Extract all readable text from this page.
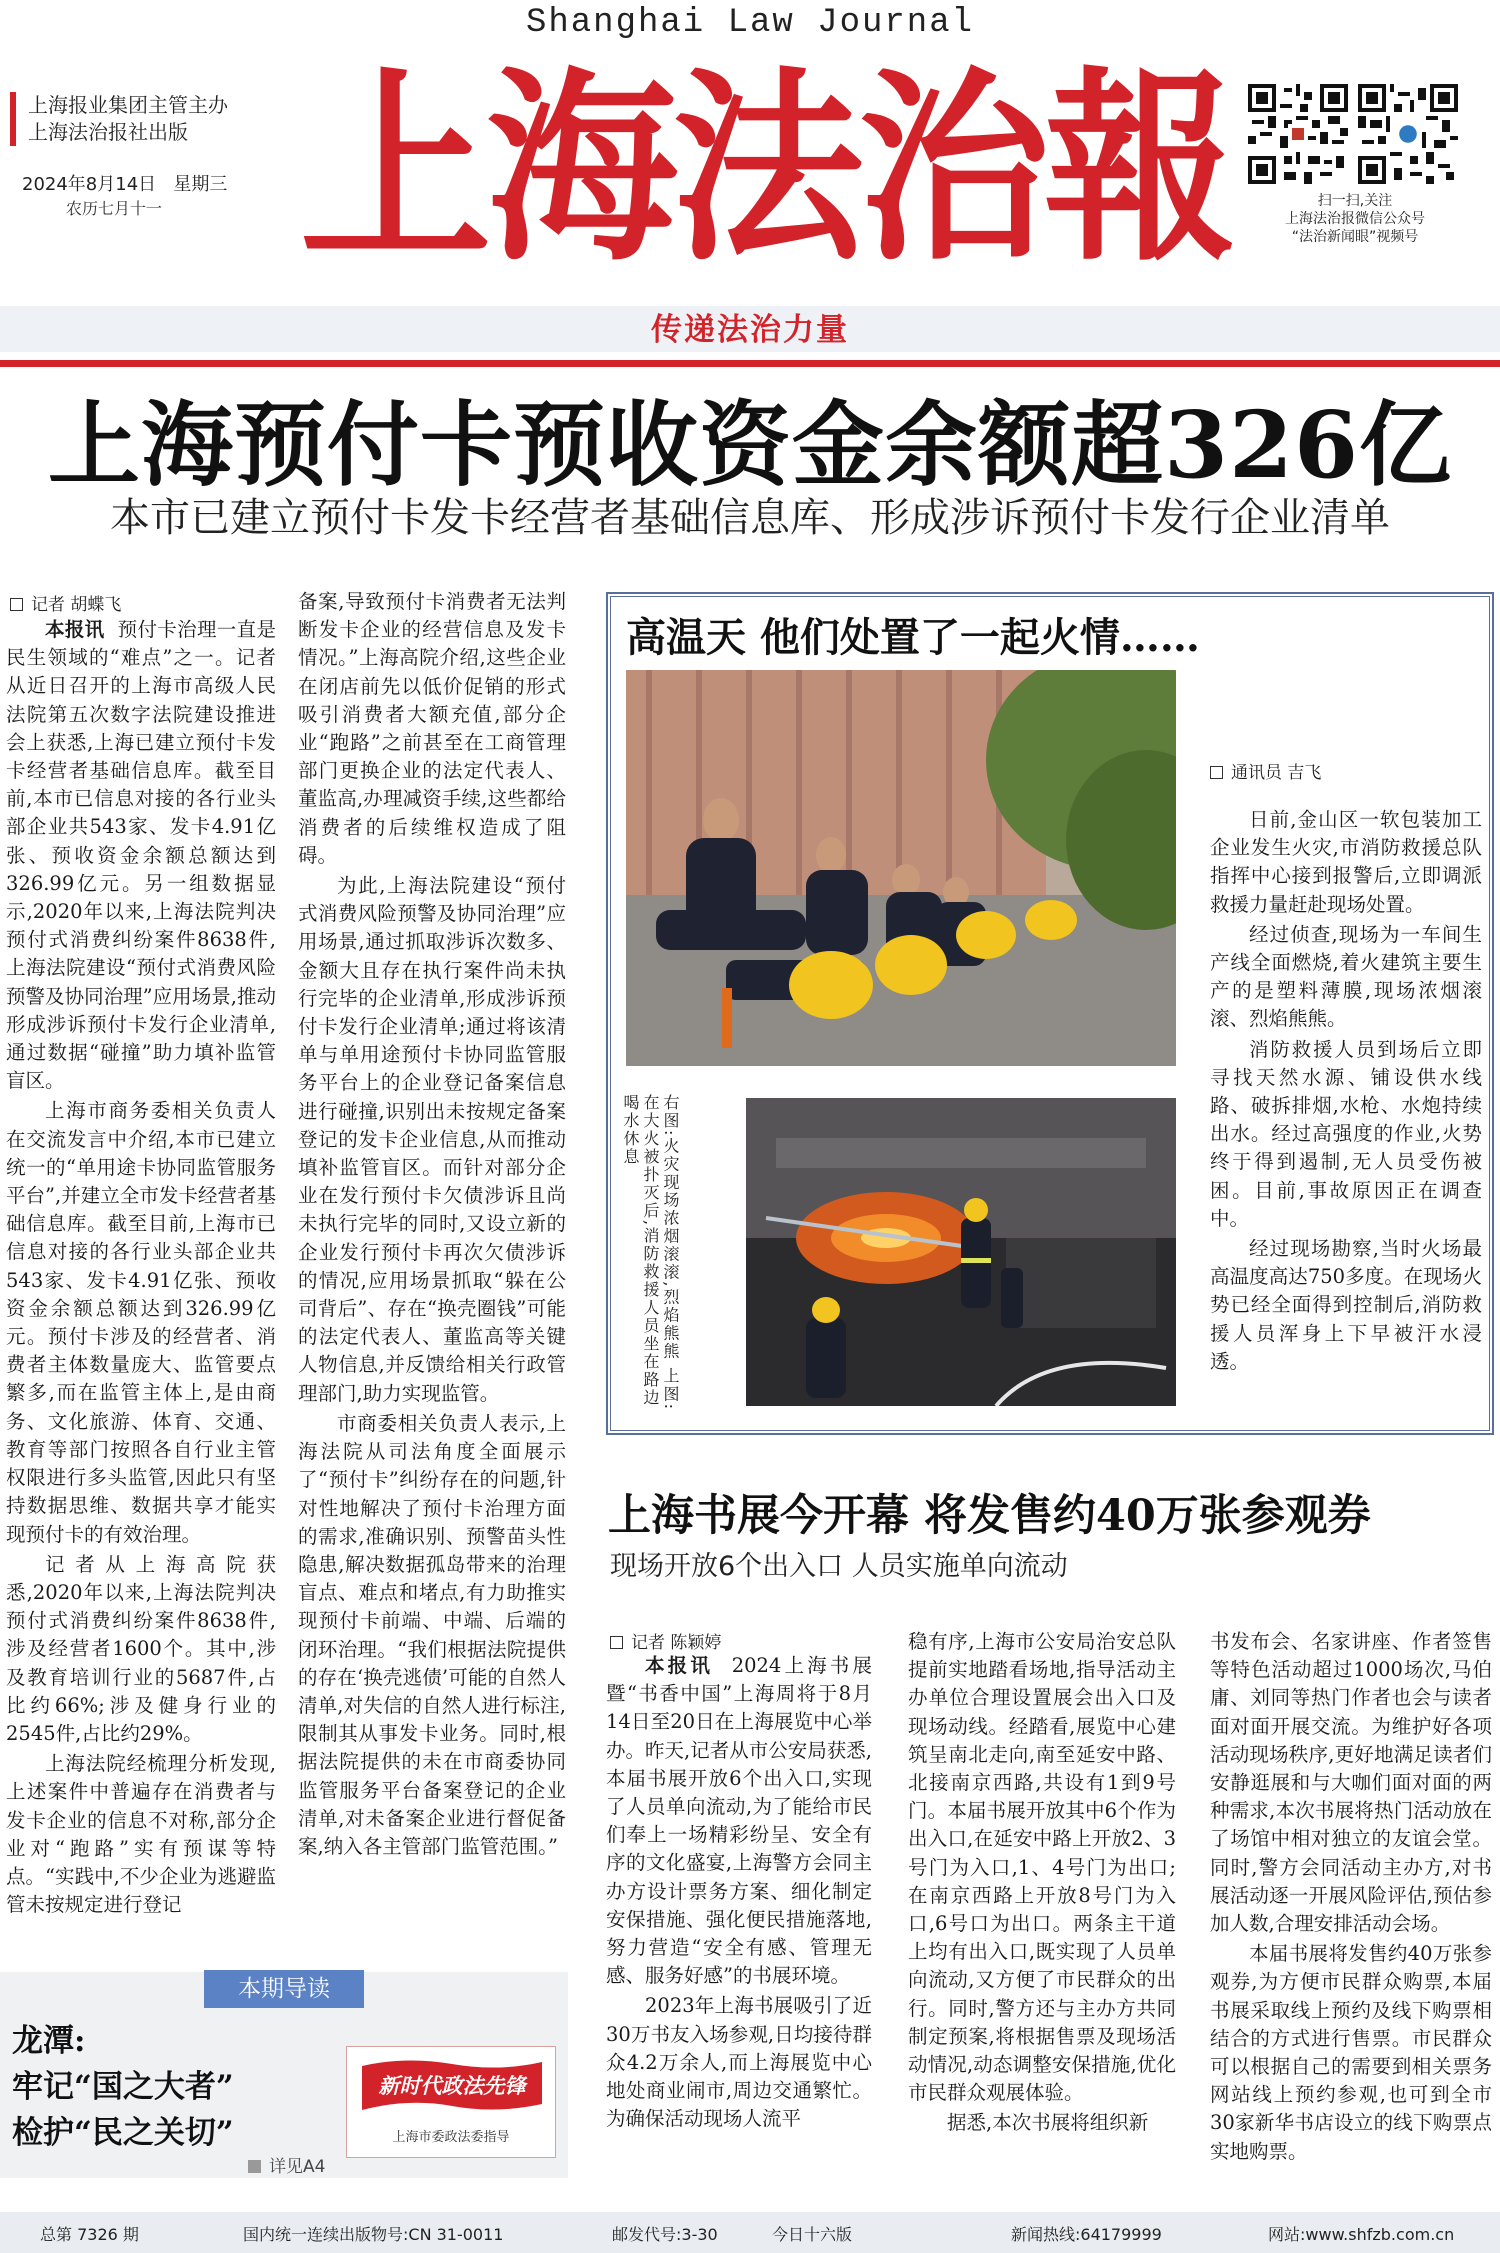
Shanghai Law Journal
上海报业集团主管主办
上海法治报社出版
2024年8月14日 星期三
农历七月十一 上海法治報	扫一扫,关注
上海法治报微信公众号
“法治新闻眼”视频号
传递法治力量
上海预付卡预收资金余额超326亿
本市已建立预付卡发卡经营者基础信息库、形成涉诉预付卡发行企业清单
记者 胡蝶飞

本报讯 预付卡治理一直是民生领域的“难点”之一。记者从近日召开的上海市高级人民法院第五次数字法院建设推进会上获悉,上海已建立预付卡发卡经营者基础信息库。截至目前,本市已信息对接的各行业头部企业共543家、发卡4.91亿张、预收资金余额总额达到326.99亿元。另一组数据显示,2020年以来,上海法院判决预付式消费纠纷案件8638件,上海法院建设“预付式消费风险预警及协同治理”应用场景,推动形成涉诉预付卡发行企业清单,通过数据“碰撞”助力填补监管盲区。

上海市商务委相关负责人在交流发言中介绍,本市已建立统一的“单用途卡协同监管服务平台”,并建立全市发卡经营者基础信息库。截至目前,上海市已信息对接的各行业头部企业共543家、发卡4.91亿张、预收资金余额总额达到326.99亿元。预付卡涉及的经营者、消费者主体数量庞大、监管要点繁多,而在监管主体上,是由商务、文化旅游、体育、交通、教育等部门按照各自行业主管权限进行多头监管,因此只有坚持数据思维、数据共享才能实现预付卡的有效治理。

记者从上海高院获悉,2020年以来,上海法院判决预付式消费纠纷案件8638件,涉及经营者1600个。其中,涉及教育培训行业的5687件,占比约66%;涉及健身行业的2545件,占比约29%。

上海法院经梳理分析发现,上述案件中普遍存在消费者与发卡企业的信息不对称,部分企业对“跑路”实有预谋等特点。“实践中,不少企业为逃避监管未按规定进行登记

备案,导致预付卡消费者无法判断发卡企业的经营信息及发卡情况。”上海高院介绍,这些企业在闭店前先以低价促销的形式吸引消费者大额充值,部分企业“跑路”之前甚至在工商管理部门更换企业的法定代表人、董监高,办理减资手续,这些都给消费者的后续维权造成了阻碍。

为此,上海法院建设“预付式消费风险预警及协同治理”应用场景,通过抓取涉诉次数多、金额大且存在执行案件尚未执行完毕的企业清单,形成涉诉预付卡发行企业清单;通过将该清单与单用途预付卡协同监管服务平台上的企业登记备案信息进行碰撞,识别出未按规定备案登记的发卡企业信息,从而推动填补监管盲区。而针对部分企业在发行预付卡欠债涉诉且尚未执行完毕的同时,又设立新的企业发行预付卡再次欠债涉诉的情况,应用场景抓取“躲在公司背后”、存在“换壳圈钱”可能的法定代表人、董监高等关键人物信息,并反馈给相关行政管理部门,助力实现监管。

市商委相关负责人表示,上海法院从司法角度全面展示了“预付卡”纠纷存在的问题,针对性地解决了预付卡治理方面的需求,准确识别、预警苗头性隐患,解决数据孤岛带来的治理盲点、难点和堵点,有力助推实现预付卡前端、中端、后端的闭环治理。“我们根据法院提供的存在‘换壳逃债’可能的自然人清单,对失信的自然人进行标注,限制其从事发卡业务。同时,根据法院提供的未在市商委协同监管服务平台备案登记的企业清单,对未备案企业进行督促备案,纳入各主管部门监管范围。”

高温天 他们处置了一起火情……
右图:火灾现场浓烟滚滚,烈焰熊熊 上图:在大火被扑灭后,消防救援人员坐在路边喝水休息
通讯员 吉飞

日前,金山区一软包装加工企业发生火灾,市消防救援总队指挥中心接到报警后,立即调派救援力量赶赴现场处置。

经过侦查,现场为一车间生产线全面燃烧,着火建筑主要生产的是塑料薄膜,现场浓烟滚滚、烈焰熊熊。

消防救援人员到场后立即寻找天然水源、铺设供水线路、破拆排烟,水枪、水炮持续出水。经过高强度的作业,火势终于得到遏制,无人员受伤被困。目前,事故原因正在调查中。

经过现场勘察,当时火场最高温度高达750多度。在现场火势已经全面得到控制后,消防救援人员浑身上下早被汗水浸透。

上海书展今开幕 将发售约40万张参观券
现场开放6个出入口 人员实施单向流动
记者 陈颖婷

本报讯 2024上海书展暨“书香中国”上海周将于8月14日至20日在上海展览中心举办。昨天,记者从市公安局获悉,本届书展开放6个出入口,实现了人员单向流动,为了能给市民们奉上一场精彩纷呈、安全有序的文化盛宴,上海警方会同主办方设计票务方案、细化制定安保措施、强化便民措施落地,努力营造“安全有感、管理无感、服务好感”的书展环境。

2023年上海书展吸引了近30万书友入场参观,日均接待群众4.2万余人,而上海展览中心地处商业闹市,周边交通繁忙。为确保活动现场人流平

稳有序,上海市公安局治安总队提前实地踏看场地,指导活动主办单位合理设置展会出入口及现场动线。经踏看,展览中心建筑呈南北走向,南至延安中路、北接南京西路,共设有1到9号门。本届书展开放其中6个作为出入口,在延安中路上开放2、3号门为入口,1、4号门为出口;在南京西路上开放8号门为入口,6号口为出口。两条主干道上均有出入口,既实现了人员单向流动,又方便了市民群众的出行。同时,警方还与主办方共同制定预案,将根据售票及现场活动情况,动态调整安保措施,优化市民群众观展体验。

据悉,本次书展将组织新

书发布会、名家讲座、作者签售等特色活动超过1000场次,马伯庸、刘同等热门作者也会与读者面对面开展交流。为维护好各项活动现场秩序,更好地满足读者们安静逛展和与大咖们面对面的两种需求,本次书展将热门活动放在了场馆中相对独立的友谊会堂。同时,警方会同活动主办方,对书展活动逐一开展风险评估,预估参加人数,合理安排活动会场。

本届书展将发售约40万张参观券,为方便市民群众购票,本届书展采取线上预约及线下购票相结合的方式进行售票。市民群众可以根据自己的需要到相关票务网站线上预约参观,也可到全市30家新华书店设立的线下购票点实地购票。

本期导读
龙潭:
牢记“国之大者”
检护“民之关切”
详见A4
新时代政法先锋
上海市委政法委指导
总第 7326 期	国内统一连续出版物号:CN 31-0011	邮发代号:3-30	今日十六版	新闻热线:64179999	网站:www.shfzb.com.cn
